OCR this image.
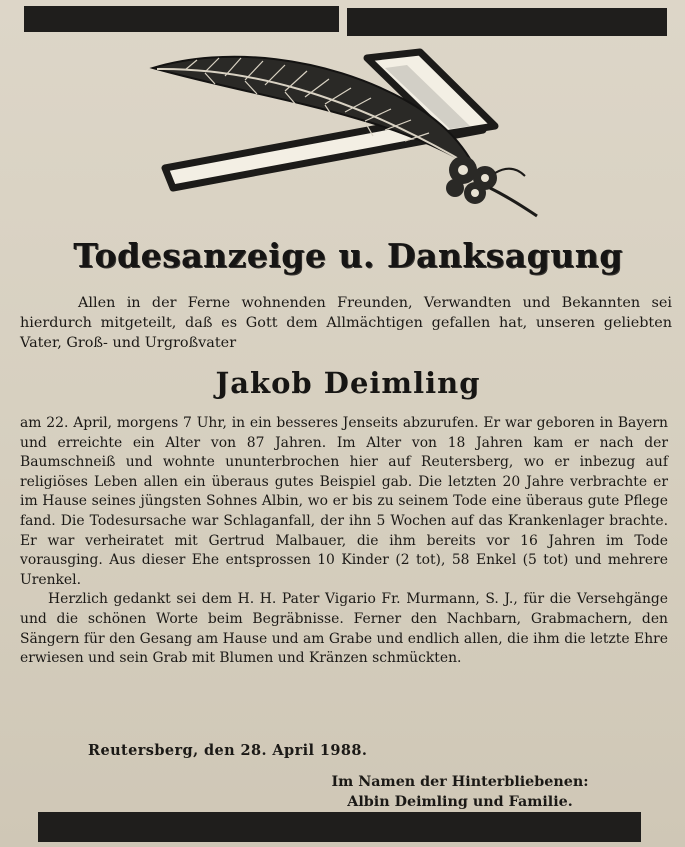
Todesanzeige u. Danksagung

Allen in der Ferne wohnenden Freunden, Verwandten und Bekannten sei hierdurch mitgeteilt, daß es Gott dem Allmächtigen gefallen hat, unseren geliebten Vater, Groß- und Urgroßvater

Jakob Deimling

am 22. April, morgens 7 Uhr, in ein besseres Jenseits abzurufen. Er war geboren in Bayern und erreichte ein Alter von 87 Jahren. Im Alter von 18 Jahren kam er nach der Baumschneiß und wohnte ununterbrochen hier auf Reutersberg, wo er inbezug auf religiöses Leben allen ein überaus gutes Beispiel gab. Die letzten 20 Jahre verbrachte er im Hause seines jüngsten Sohnes Albin, wo er bis zu seinem Tode eine überaus gute Pflege fand. Die Todesursache war Schlaganfall, der ihn 5 Wochen auf das Krankenlager brachte. Er war verheiratet mit Gertrud Malbauer, die ihm bereits vor 16 Jahren im Tode vorausging. Aus dieser Ehe entsprossen 10 Kinder (2 tot), 58 Enkel (5 tot) und mehrere Urenkel.

Herzlich gedankt sei dem H. H. Pater Vigario Fr. Murmann, S. J., für die Versehgänge und die schönen Worte beim Begräbnisse. Ferner den Nachbarn, Grabmachern, den Sängern für den Gesang am Hause und am Grabe und endlich allen, die ihm die letzte Ehre erwiesen und sein Grab mit Blumen und Kränzen schmückten.

Reutersberg, den 28. April 1988.
Im Namen der Hinterbliebenen:
Albin Deimling und Familie.
